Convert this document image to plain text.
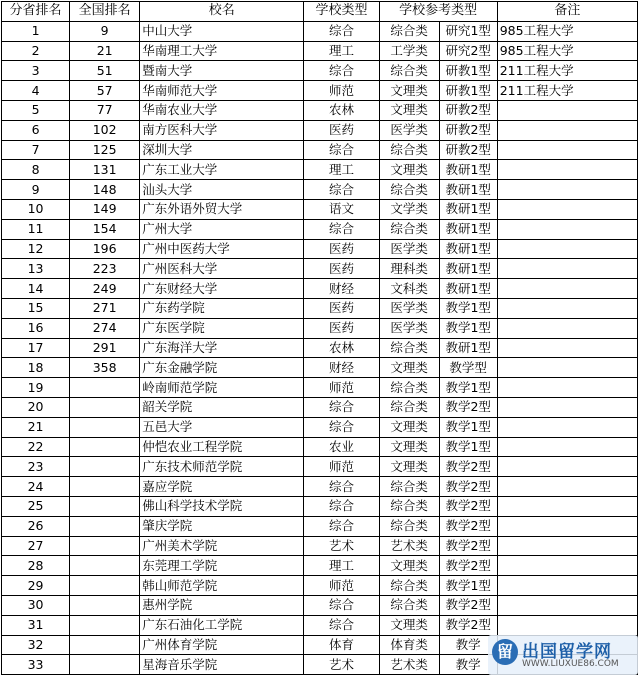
分省排名	全国排名	校名	学校类型	学校参考类型		备注
1	9	中山大学	综合	综合类	研究1型	985工程大学
2	21	华南理工大学	理工	工学类	研究2型	985工程大学
3	51	暨南大学	综合	综合类	研教1型	211工程大学
4	57	华南师范大学	师范	文理类	研教1型	211工程大学
5	77	华南农业大学	农林	文理类	研教2型	
6	102	南方医科大学	医药	医学类	研教2型	
7	125	深圳大学	综合	综合类	研教2型	
8	131	广东工业大学	理工	文理类	教研1型	
9	148	汕头大学	综合	综合类	教研1型	
10	149	广东外语外贸大学	语文	文学类	教研1型	
11	154	广州大学	综合	综合类	教研1型	
12	196	广州中医药大学	医药	医学类	教研1型	
13	223	广州医科大学	医药	理科类	教研1型	
14	249	广东财经大学	财经	文科类	教研1型	
15	271	广东药学院	医药	医学类	教学1型	
16	274	广东医学院	医药	医学类	教学1型	
17	291	广东海洋大学	农林	综合类	教研1型	
18	358	广东金融学院	财经	文理类	教学型	
19		岭南师范学院	师范	综合类	教学1型	
20		韶关学院	综合	综合类	教学2型	
21		五邑大学	综合	文理类	教学1型	
22		仲恺农业工程学院	农业	文理类	教学1型	
23		广东技术师范学院	师范	文理类	教学2型	
24		嘉应学院	综合	综合类	教学2型	
25		佛山科学技术学院	综合	综合类	教学2型	
26		肇庆学院	综合	综合类	教学2型	
27		广州美术学院	艺术	艺术类	教学2型	
28		东莞理工学院	理工	文理类	教学2型	
29		韩山师范学院	师范	综合类	教学1型	
30		惠州学院	综合	综合类	教学2型	
31		广东石油化工学院	综合	文理类	教学2型	
32		广州体育学院	体育	体育类	教学	
33		星海音乐学院	艺术	艺术类	教学	
留 出国留学网
WWW.LIUXUE86.COM
